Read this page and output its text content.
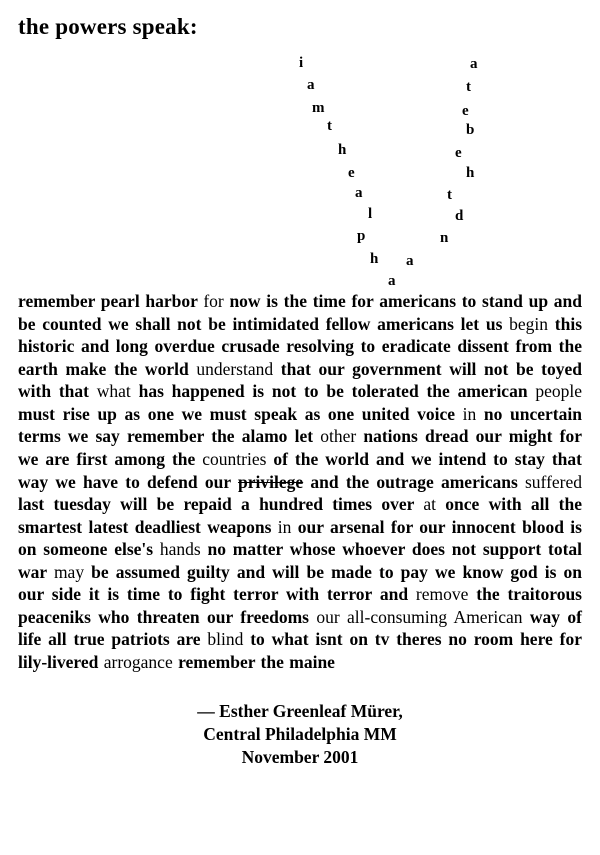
the powers speak:
i	a
a	t
m	e
t	b
h	e
e	h
a	t
l	d
p	n
h a
a
remember pearl harbor for now is the time for americans to stand up and be counted we shall not be intimidated fellow americans let us begin this historic and long overdue crusade resolving to eradicate dissent from the earth make the world understand that our government will not be toyed with that what has happened is not to be tolerated the american people must rise up as one we must speak as one united voice in no uncertain terms we say remember the alamo let other nations dread our might for we are first among the countries of the world and we intend to stay that way we have to defend our privilege and the outrage americans suffered last tuesday will be repaid a hundred times over at once with all the smartest latest deadliest weapons in our arsenal for our innocent blood is on someone else's hands no matter whose whoever does not support total war may be assumed guilty and will be made to pay we know god is on our side it is time to fight terror with terror and remove the traitorous peaceniks who threaten our freedoms our all-consuming American way of life all true patriots are blind to what isnt on tv theres no room here for lily-livered arrogance remember the maine
— Esther Greenleaf Mürer,
Central Philadelphia MM
November 2001
